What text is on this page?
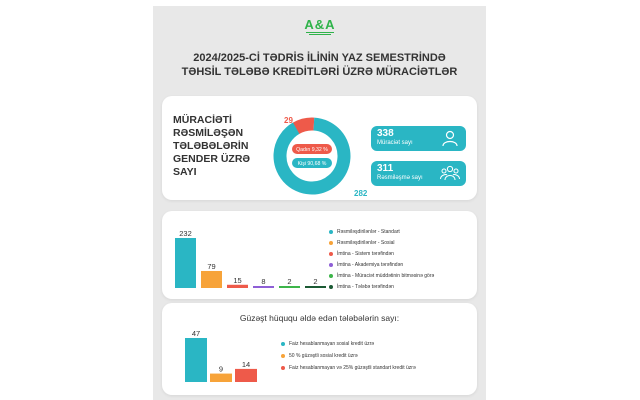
A&A
2024/2025-Cİ TƏDRİS İLİNİN YAZ SEMESTRİNDƏ
TƏHSİL TƏLƏBƏ KREDİTLƏRİ ÜZRƏ MÜRACİƏTLƏR
MÜRACİƏTİ RƏSMİLƏŞƏN TƏLƏBƏLƏRİN GENDER ÜZRƏ SAYI
Qadın 9,32 %
Kişi 90,68 %
29
282
338
Müraciət sayı
311
Rəsmiləşmə sayı
232
79
15	8	2	2
Rəsmiləşdirilənlər - Standart
Rəsmiləşdirilənlər - Sosial
İmtina - Sistem tərəfindən
İmtina - Akademiya tərəfindən
İmtina - Müraciət müddətinin bitməsinə görə
İmtina - Tələbə tərəfindən
Güzəşt hüququ əldə edən tələbələrin sayı:
47
9
14
Faiz hesablanmayan sosial kredit üzrə
50 % güzəştli sosial kredit üzrə
Faiz hesablanmayan və 25% güzəştli standart kredit üzrə
